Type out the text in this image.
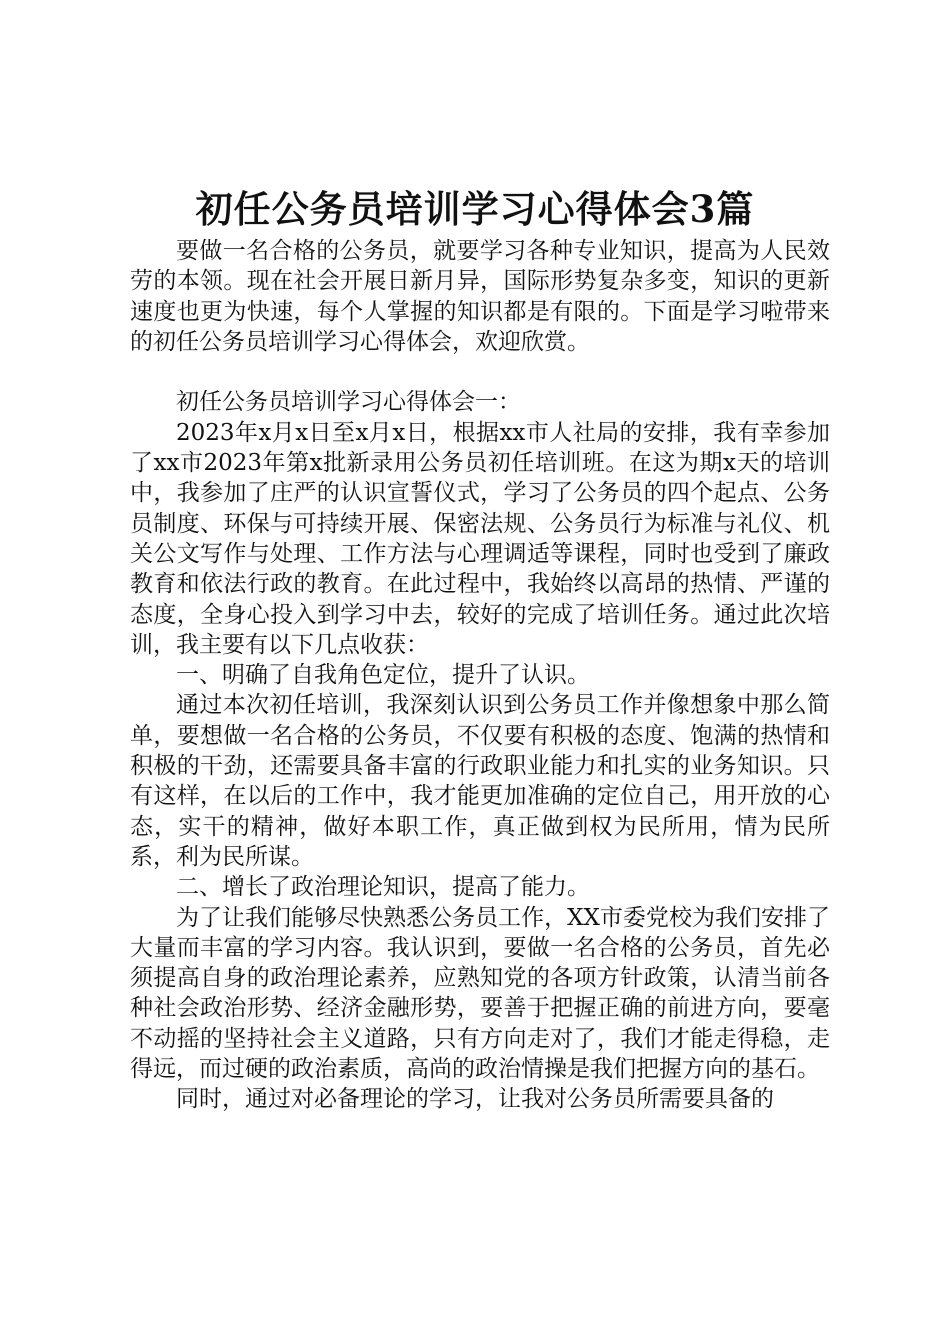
初任公务员培训学习心得体会3篇

要做一名合格的公务员，就要学习各种专业知识，提高为人民效劳的本领。现在社会开展日新月异，国际形势复杂多变，知识的更新速度也更为快速，每个人掌握的知识都是有限的。下面是学习啦带来的初任公务员培训学习心得体会，欢迎欣赏。

初任公务员培训学习心得体会一：

2023年x月x日至x月x日，根据xx市人社局的安排，我有幸参加了xx市2023年第x批新录用公务员初任培训班。在这为期x天的培训中，我参加了庄严的认识宣誓仪式，学习了公务员的四个起点、公务员制度、环保与可持续开展、保密法规、公务员行为标准与礼仪、机关公文写作与处理、工作方法与心理调适等课程，同时也受到了廉政教育和依法行政的教育。在此过程中，我始终以高昂的热情、严谨的态度，全身心投入到学习中去，较好的完成了培训任务。通过此次培训，我主要有以下几点收获：

一、明确了自我角色定位，提升了认识。

通过本次初任培训，我深刻认识到公务员工作并像想象中那么简单，要想做一名合格的公务员，不仅要有积极的态度、饱满的热情和积极的干劲，还需要具备丰富的行政职业能力和扎实的业务知识。只有这样，在以后的工作中，我才能更加准确的定位自己，用开放的心态，实干的精神，做好本职工作，真正做到权为民所用，情为民所系，利为民所谋。

二、增长了政治理论知识，提高了能力。

为了让我们能够尽快熟悉公务员工作，XX市委党校为我们安排了大量而丰富的学习内容。我认识到，要做一名合格的公务员，首先必须提高自身的政治理论素养，应熟知党的各项方针政策，认清当前各种社会政治形势、经济金融形势，要善于把握正确的前进方向，要毫不动摇的坚持社会主义道路，只有方向走对了，我们才能走得稳，走得远，而过硬的政治素质，高尚的政治情操是我们把握方向的基石。

同时，通过对必备理论的学习，让我对公务员所需要具备的
